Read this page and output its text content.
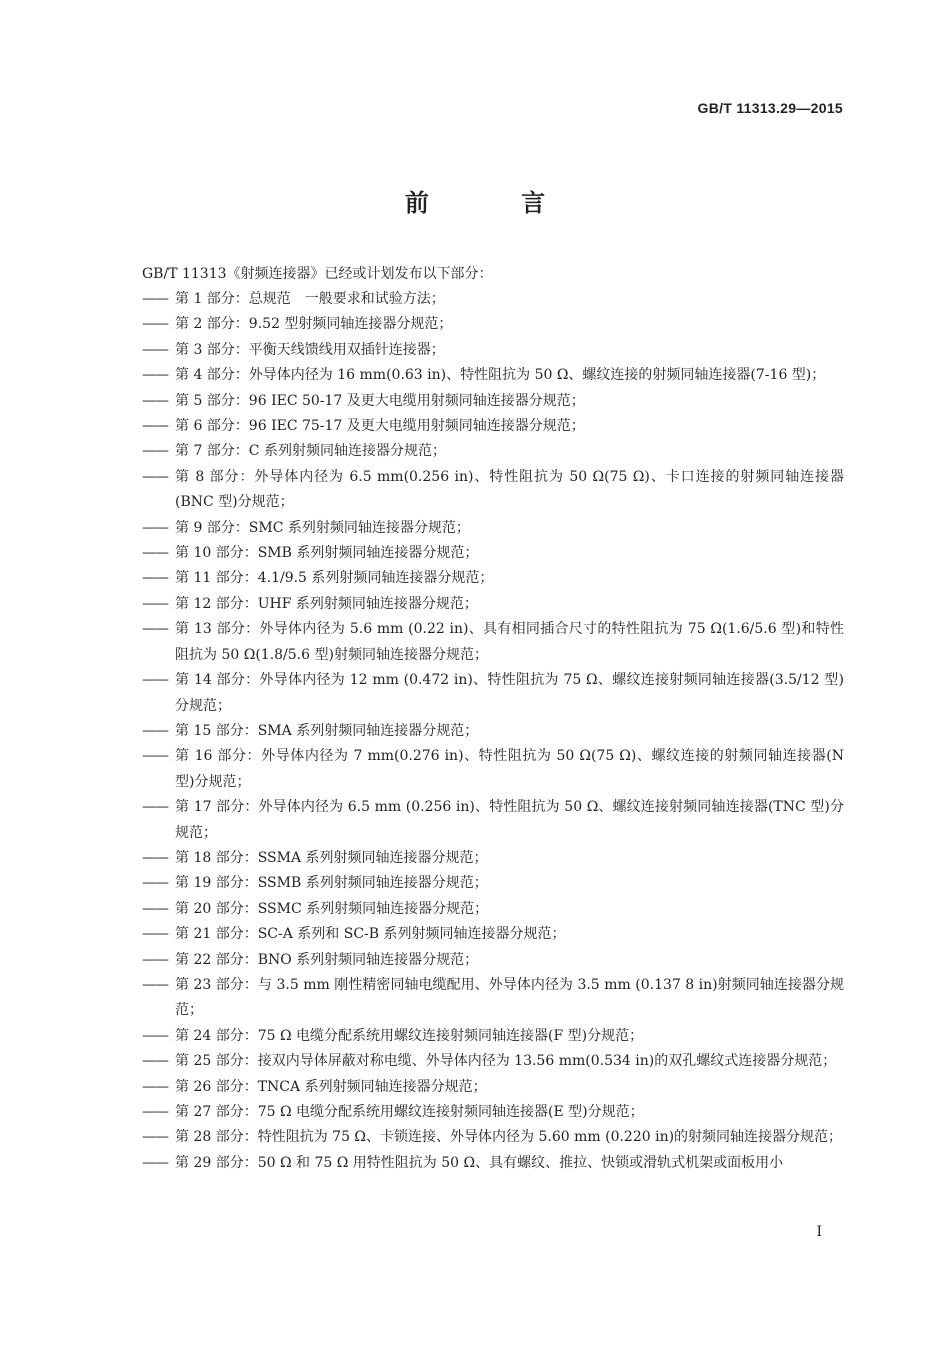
GB/T 11313.29—2015
前 言
GB/T 11313《射频连接器》已经或计划发布以下部分：
—— 第 1 部分：总规范　一般要求和试验方法；
—— 第 2 部分：9.52 型射频同轴连接器分规范；
—— 第 3 部分：平衡天线馈线用双插针连接器；
—— 第 4 部分：外导体内径为 16 mm(0.63 in)、特性阻抗为 50 Ω、螺纹连接的射频同轴连接器(7-16 型)；
—— 第 5 部分：96 IEC 50-17 及更大电缆用射频同轴连接器分规范；
—— 第 6 部分：96 IEC 75-17 及更大电缆用射频同轴连接器分规范；
—— 第 7 部分：C 系列射频同轴连接器分规范；
—— 第 8 部分：外导体内径为 6.5 mm(0.256 in)、特性阻抗为 50 Ω(75 Ω)、卡口连接的射频同轴连接器(BNC 型)分规范；
—— 第 9 部分：SMC 系列射频同轴连接器分规范；
—— 第 10 部分：SMB 系列射频同轴连接器分规范；
—— 第 11 部分：4.1/9.5 系列射频同轴连接器分规范；
—— 第 12 部分：UHF 系列射频同轴连接器分规范；
—— 第 13 部分：外导体内径为 5.6 mm (0.22 in)、具有相同插合尺寸的特性阻抗为 75 Ω(1.6/5.6 型)和特性阻抗为 50 Ω(1.8/5.6 型)射频同轴连接器分规范；
—— 第 14 部分：外导体内径为 12 mm (0.472 in)、特性阻抗为 75 Ω、螺纹连接射频同轴连接器(3.5/12 型)分规范；
—— 第 15 部分：SMA 系列射频同轴连接器分规范；
—— 第 16 部分：外导体内径为 7 mm(0.276 in)、特性阻抗为 50 Ω(75 Ω)、螺纹连接的射频同轴连接器(N 型)分规范；
—— 第 17 部分：外导体内径为 6.5 mm (0.256 in)、特性阻抗为 50 Ω、螺纹连接射频同轴连接器(TNC 型)分规范；
—— 第 18 部分：SSMA 系列射频同轴连接器分规范；
—— 第 19 部分：SSMB 系列射频同轴连接器分规范；
—— 第 20 部分：SSMC 系列射频同轴连接器分规范；
—— 第 21 部分：SC-A 系列和 SC-B 系列射频同轴连接器分规范；
—— 第 22 部分：BNO 系列射频同轴连接器分规范；
—— 第 23 部分：与 3.5 mm 刚性精密同轴电缆配用、外导体内径为 3.5 mm (0.137 8 in)射频同轴连接器分规范；
—— 第 24 部分：75 Ω 电缆分配系统用螺纹连接射频同轴连接器(F 型)分规范；
—— 第 25 部分：接双内导体屏蔽对称电缆、外导体内径为 13.56 mm(0.534 in)的双孔螺纹式连接器分规范；
—— 第 26 部分：TNCA 系列射频同轴连接器分规范；
—— 第 27 部分：75 Ω 电缆分配系统用螺纹连接射频同轴连接器(E 型)分规范；
—— 第 28 部分：特性阻抗为 75 Ω、卡锁连接、外导体内径为 5.60 mm (0.220 in)的射频同轴连接器分规范；
—— 第 29 部分：50 Ω 和 75 Ω 用特性阻抗为 50 Ω、具有螺纹、推拉、快锁或滑轨式机架或面板用小
I
